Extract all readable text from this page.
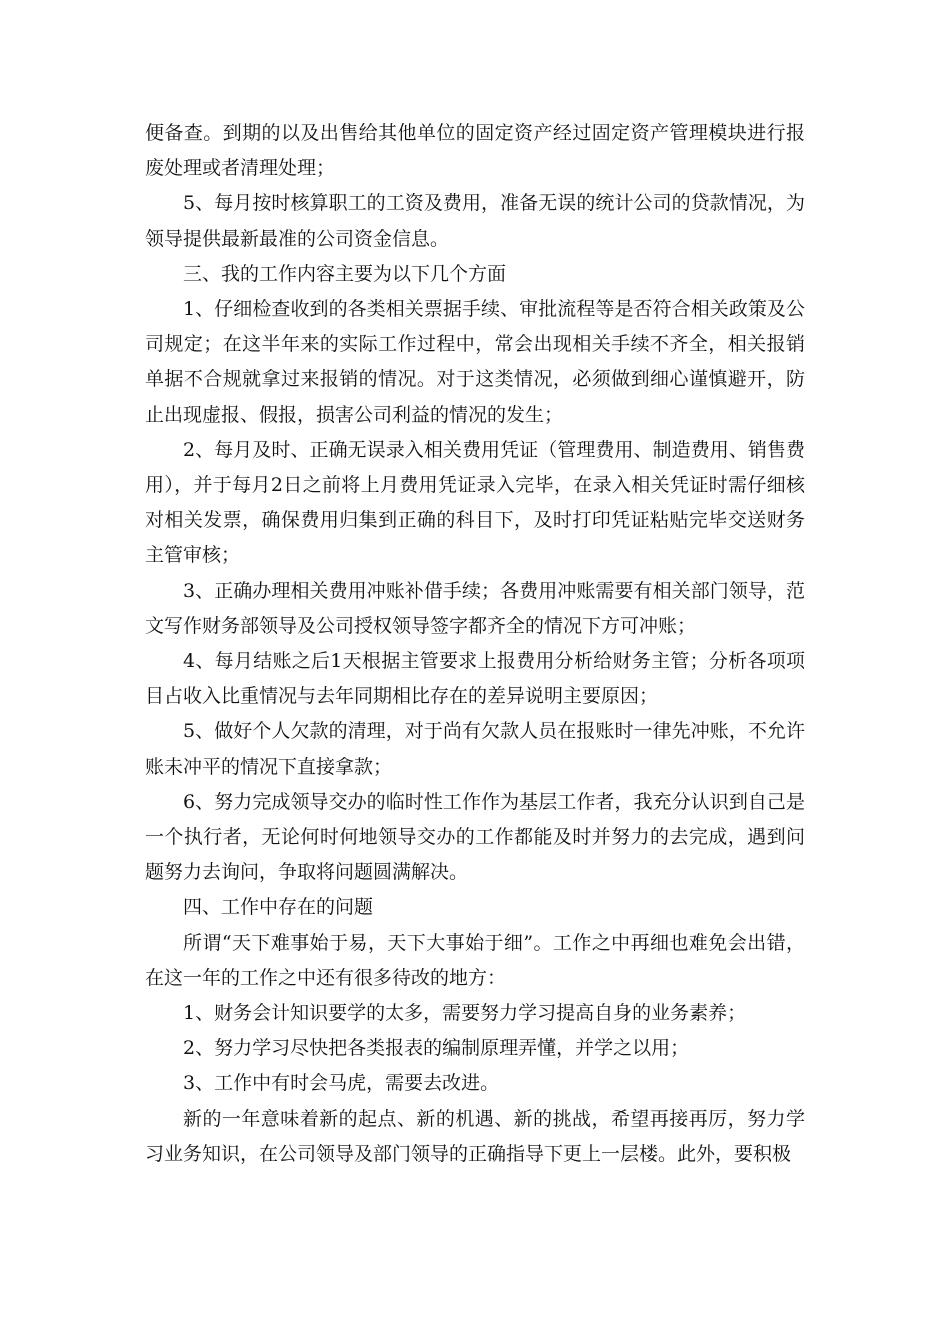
便备查。到期的以及出售给其他单位的固定资产经过固定资产管理模块进行报废处理或者清理处理；

5、每月按时核算职工的工资及费用，准备无误的统计公司的贷款情况，为领导提供最新最准的公司资金信息。

三、我的工作内容主要为以下几个方面

1、仔细检查收到的各类相关票据手续、审批流程等是否符合相关政策及公司规定；在这半年来的实际工作过程中，常会出现相关手续不齐全，相关报销单据不合规就拿过来报销的情况。对于这类情况，必须做到细心谨慎避开，防止出现虚报、假报，损害公司利益的情况的发生；

2、每月及时、正确无误录入相关费用凭证（管理费用、制造费用、销售费用），并于每月2日之前将上月费用凭证录入完毕，在录入相关凭证时需仔细核对相关发票，确保费用归集到正确的科目下，及时打印凭证粘贴完毕交送财务主管审核；

3、正确办理相关费用冲账补借手续；各费用冲账需要有相关部门领导，范文写作财务部领导及公司授权领导签字都齐全的情况下方可冲账；

4、每月结账之后1天根据主管要求上报费用分析给财务主管；分析各项项目占收入比重情况与去年同期相比存在的差异说明主要原因；

5、做好个人欠款的清理，对于尚有欠款人员在报账时一律先冲账，不允许账未冲平的情况下直接拿款；

6、努力完成领导交办的临时性工作作为基层工作者，我充分认识到自己是一个执行者，无论何时何地领导交办的工作都能及时并努力的去完成，遇到问题努力去询问，争取将问题圆满解决。

四、工作中存在的问题

所谓“天下难事始于易，天下大事始于细”。工作之中再细也难免会出错，在这一年的工作之中还有很多待改的地方：

1、财务会计知识要学的太多，需要努力学习提高自身的业务素养；

2、努力学习尽快把各类报表的编制原理弄懂，并学之以用；

3、工作中有时会马虎，需要去改进。

新的一年意味着新的起点、新的机遇、新的挑战，希望再接再厉，努力学习业务知识，在公司领导及部门领导的正确指导下更上一层楼。此外，要积极
